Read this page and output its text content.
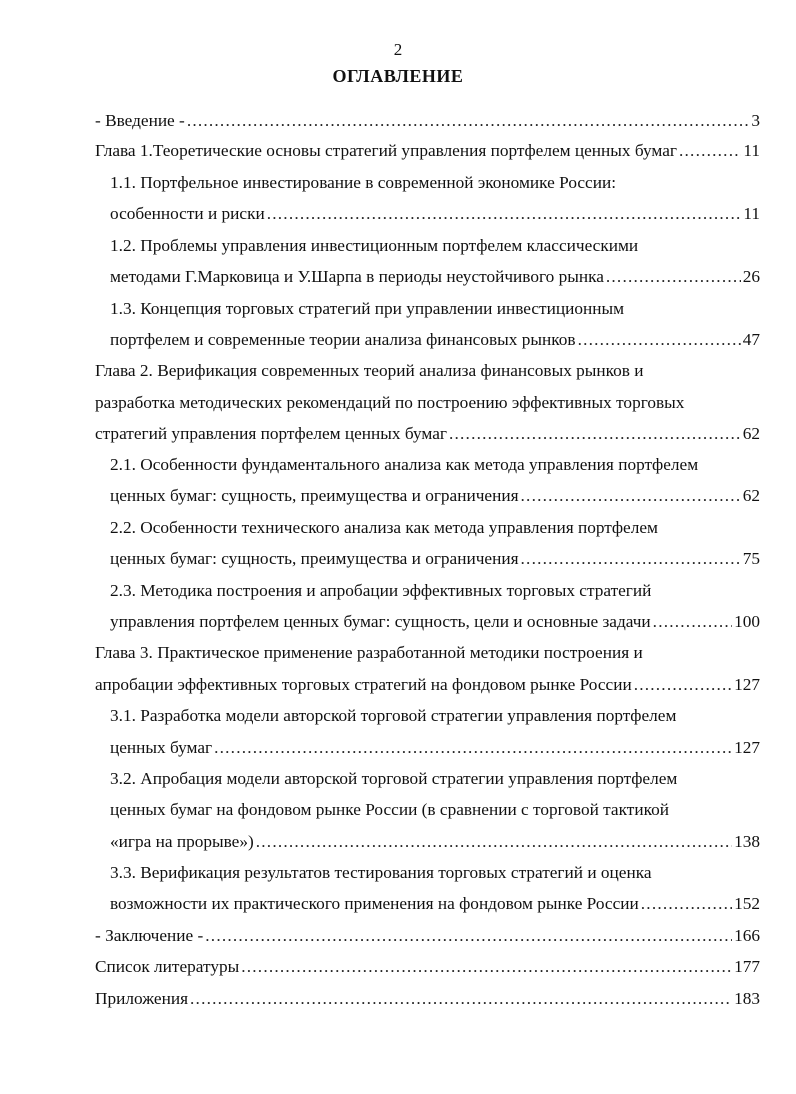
2
ОГЛАВЛЕНИЕ
- Введение - .....	3
Глава 1.Теоретические основы стратегий управления портфелем ценных бумаг .....	11
1.1. Портфельное инвестирование в современной экономике России:
особенности и риски .....	11
1.2. Проблемы управления инвестиционным портфелем классическими
методами Г.Марковица и У.Шарпа в периоды неустойчивого рынка .....	26
1.3. Концепция торговых стратегий при управлении инвестиционным
портфелем и современные теории анализа финансовых рынков .....	47
Глава 2. Верификация современных теорий анализа финансовых рынков и
разработка методических рекомендаций по построению эффективных торговых
стратегий управления портфелем ценных бумаг .....	62
2.1. Особенности фундаментального анализа как метода управления портфелем
ценных бумаг: сущность, преимущества и ограничения .....	62
2.2. Особенности технического анализа как метода управления портфелем
ценных бумаг: сущность, преимущества и ограничения .....	75
2.3. Методика построения и апробации эффективных торговых стратегий
управления портфелем ценных бумаг: сущность, цели и основные задачи .....	100
Глава 3. Практическое применение разработанной методики построения и
апробации эффективных торговых стратегий на фондовом рынке России .....	127
3.1. Разработка модели авторской торговой стратегии управления портфелем
ценных бумаг .....	127
3.2. Апробация модели авторской торговой стратегии управления портфелем
ценных бумаг на фондовом рынке России (в сравнении с торговой тактикой
«игра на прорыве») .....	138
3.3. Верификация результатов тестирования торговых стратегий и оценка
возможности их практического применения на фондовом рынке России .....	152
- Заключение - .....	166
Список литературы .....	177
Приложения .....	183
